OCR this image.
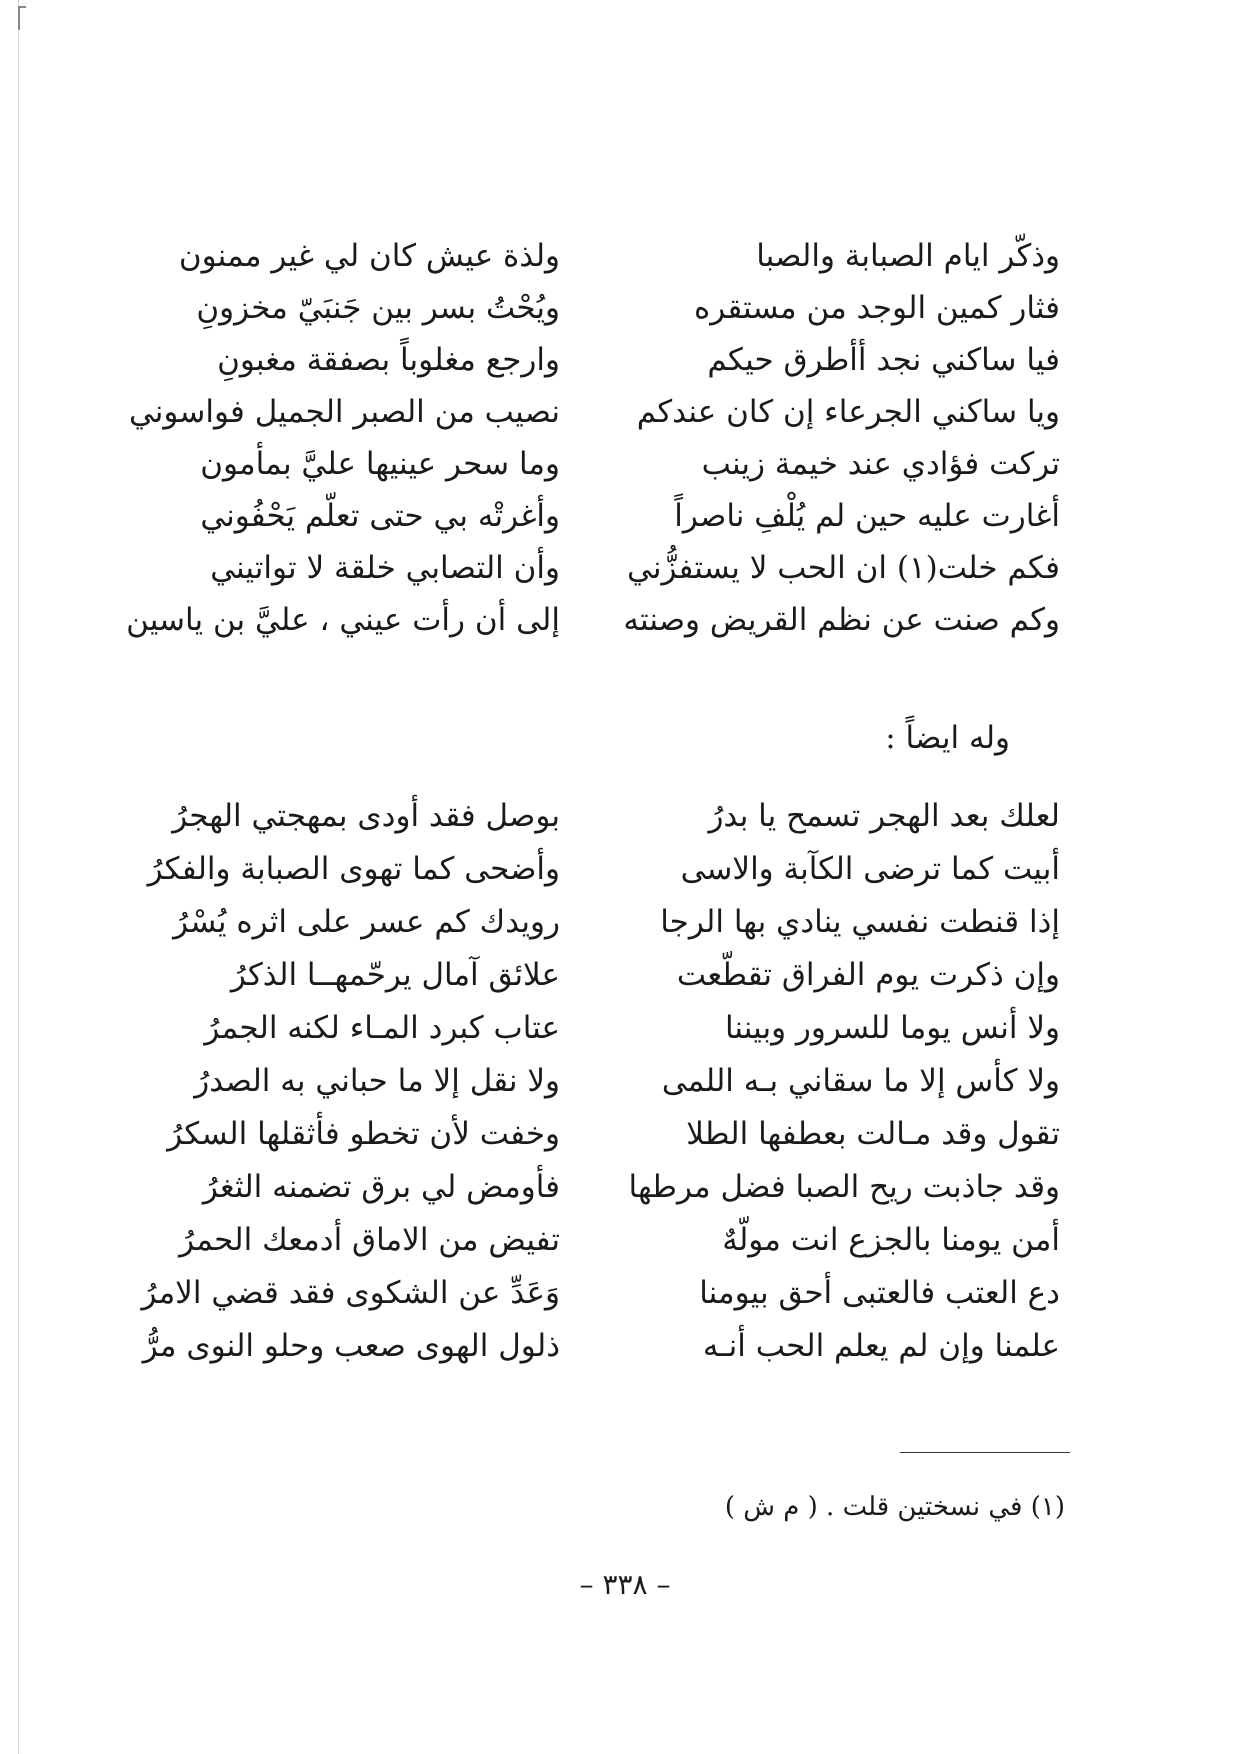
وذكّر ايام الصبابة والصبا
فثار كمين الوجد من مستقره
فيا ساكني نجد أأطرق حيكم
ويا ساكني الجرعاء إن كان عندكم
تركت فؤادي عند خيمة زينب
أغارت عليه حين لم يُلْفِ ناصراً
فكم خلت(١) ان الحب لا يستفزُّني
وكم صنت عن نظم القريض وصنته
ولذة عيش كان لي غير ممنون
ويُحْتُ بسر بين جَنبَيّ مخزونِ
وارجع مغلوباً بصفقة مغبونِ
نصيب من الصبر الجميل فواسوني
وما سحر عينيها عليَّ بمأمون
وأغرتْه بي حتى تعلّم يَحْفُوني
وأن التصابي خلقة لا تواتيني
إلى أن رأت عيني ، عليَّ بن ياسين
وله ايضاً :
لعلك بعد الهجر تسمح يا بدرُ
أبيت كما ترضى الكآبة والاسى
إذا قنطت نفسي ينادي بها الرجا
وإن ذكرت يوم الفراق تقطّعت
ولا أنس يوما للسرور وبيننا
ولا كأس إلا ما سقاني بـه اللمى
تقول وقد مـالت بعطفها الطلا
وقد جاذبت ريح الصبا فضل مرطها
أمن يومنا بالجزع انت مولّهٌ
دع العتب فالعتبى أحق بيومنا
علمنا وإن لم يعلم الحب أنـه
بوصل فقد أودى بمهجتي الهجرُ
وأضحى كما تهوى الصبابة والفكرُ
رويدك كم عسر على اثره يُسْرُ
علائق آمال يرحّمهــا الذكرُ
عتاب كبرد المـاء لكنه الجمرُ
ولا نقل إلا ما حباني به الصدرُ
وخفت لأن تخطو فأثقلها السكرُ
فأومض لي برق تضمنه الثغرُ
تفيض من الاماق أدمعك الحمرُ
وَعَدِّ عن الشكوى فقد قضي الامرُ
ذلول الهوى صعب وحلو النوى مرُّ
(١) في نسختين قلت . ( م ش )
– ٣٣٨ –
